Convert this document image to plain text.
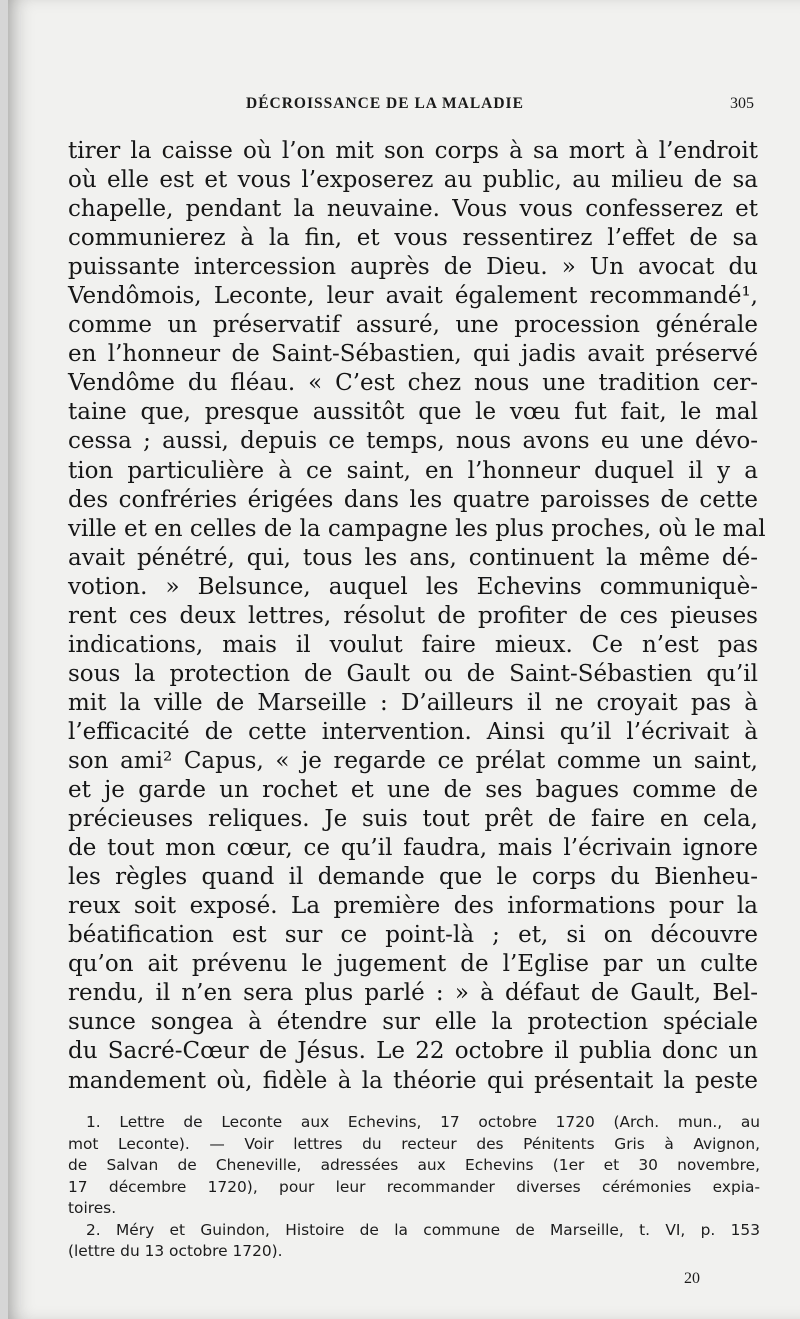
DÉCROISSANCE DE LA MALADIE	305
tirer la caisse où l’on mit son corps à sa mort à l’endroit
où elle est et vous l’exposerez au public, au milieu de sa
chapelle, pendant la neuvaine. Vous vous confesserez et
communierez à la fin, et vous ressentirez l’effet de sa
puissante intercession auprès de Dieu. » Un avocat du
Vendômois, Leconte, leur avait également recommandé¹,
comme un préservatif assuré, une procession générale
en l’honneur de Saint-Sébastien, qui jadis avait préservé
Vendôme du fléau. « C’est chez nous une tradition cer-
taine que, presque aussitôt que le vœu fut fait, le mal
cessa ; aussi, depuis ce temps, nous avons eu une dévo-
tion particulière à ce saint, en l’honneur duquel il y a
des confréries érigées dans les quatre paroisses de cette
ville et en celles de la campagne les plus proches, où le mal
avait pénétré, qui, tous les ans, continuent la même dé-
votion. » Belsunce, auquel les Echevins communiquè-
rent ces deux lettres, résolut de profiter de ces pieuses
indications, mais il voulut faire mieux. Ce n’est pas
sous la protection de Gault ou de Saint-Sébastien qu’il
mit la ville de Marseille : D’ailleurs il ne croyait pas à
l’efficacité de cette intervention. Ainsi qu’il l’écrivait à
son ami² Capus, « je regarde ce prélat comme un saint,
et je garde un rochet et une de ses bagues comme de
précieuses reliques. Je suis tout prêt de faire en cela,
de tout mon cœur, ce qu’il faudra, mais l’écrivain ignore
les règles quand il demande que le corps du Bienheu-
reux soit exposé. La première des informations pour la
béatification est sur ce point-là ; et, si on découvre
qu’on ait prévenu le jugement de l’Eglise par un culte
rendu, il n’en sera plus parlé : » à défaut de Gault, Bel-
sunce songea à étendre sur elle la protection spéciale
du Sacré-Cœur de Jésus. Le 22 octobre il publia donc un
mandement où, fidèle à la théorie qui présentait la peste
1. Lettre de Leconte aux Echevins, 17 octobre 1720 (Arch. mun., au
mot Leconte). — Voir lettres du recteur des Pénitents Gris à Avignon,
de Salvan de Cheneville, adressées aux Echevins (1er et 30 novembre,
17 décembre 1720), pour leur recommander diverses cérémonies expia-
toires.
2. Méry et Guindon, Histoire de la commune de Marseille, t. VI, p. 153
(lettre du 13 octobre 1720).
20
